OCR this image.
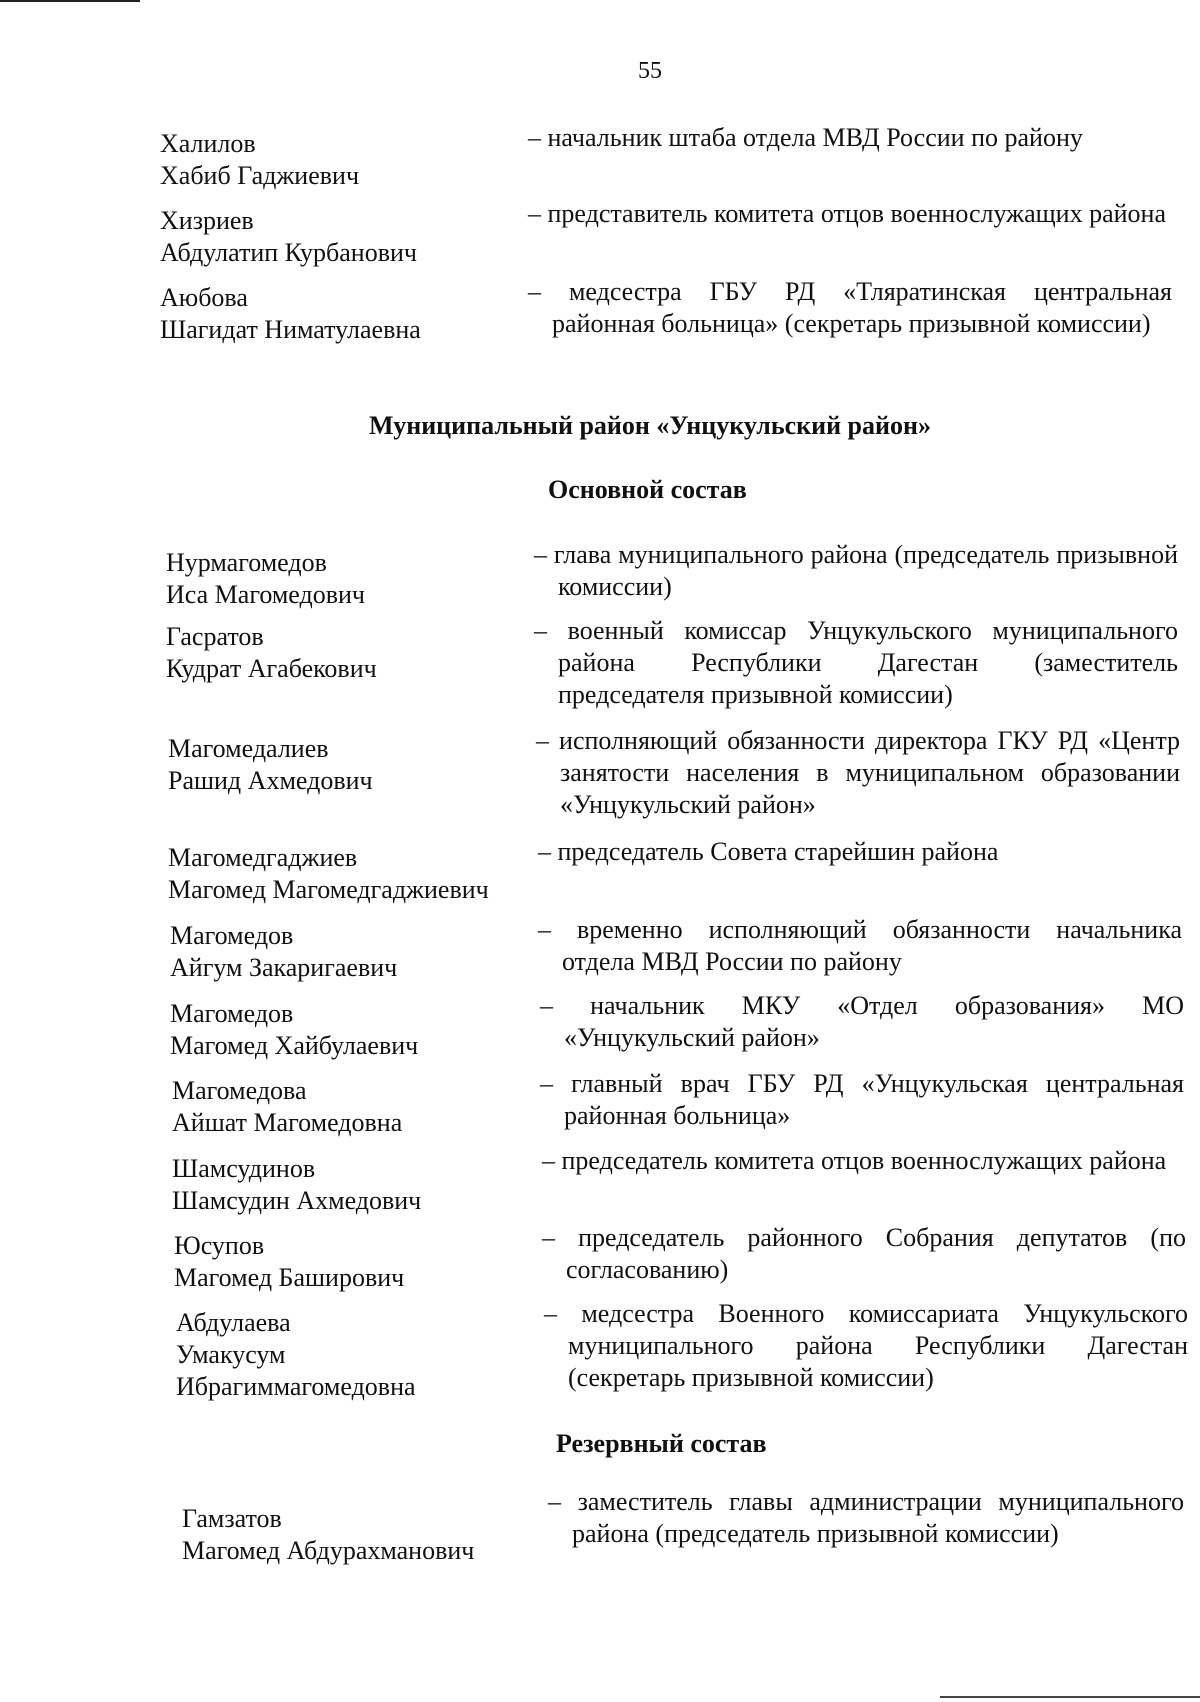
55
Халилов
Хабиб Гаджиевич
– начальник штаба отдела МВД России по району
Хизриев
Абдулатип Курбанович
– представитель комитета отцов военнослужащих района
Аюбова
Шагидат Ниматулаевна
– медсестра ГБУ РД «Тляратинская центральная районная больница» (секретарь призывной комиссии)
Муниципальный район «Унцукульский район»
Основной состав
Нурмагомедов
Иса Магомедович
– глава муниципального района (председатель призывной комиссии)
Гасратов
Кудрат Агабекович
– военный комиссар Унцукульского муниципального района Республики Дагестан (заместитель председателя призывной комиссии)
Магомедалиев
Рашид Ахмедович
– исполняющий обязанности директора ГКУ РД «Центр занятости населения в муниципальном образовании «Унцукульский район»
Магомедгаджиев
Магомед Магомедгаджиевич
– председатель Совета старейшин района
Магомедов
Айгум Закаригаевич
– временно исполняющий обязанности начальника отдела МВД России по району
Магомедов
Магомед Хайбулаевич
– начальник МКУ «Отдел образования» МО «Унцукульский район»
Магомедова
Айшат Магомедовна
– главный врач ГБУ РД «Унцукульская центральная районная больница»
Шамсудинов
Шамсудин Ахмедович
– председатель комитета отцов военнослужащих района
Юсупов
Магомед Баширович
– председатель районного Собрания депутатов (по согласованию)
Абдулаева
Умакусум
Ибрагиммагомедовна
– медсестра Военного комиссариата Унцукульского муниципального района Республики Дагестан (секретарь призывной комиссии)
Резервный состав
Гамзатов
Магомед Абдурахманович
– заместитель главы администрации муниципального района (председатель призывной комиссии)
